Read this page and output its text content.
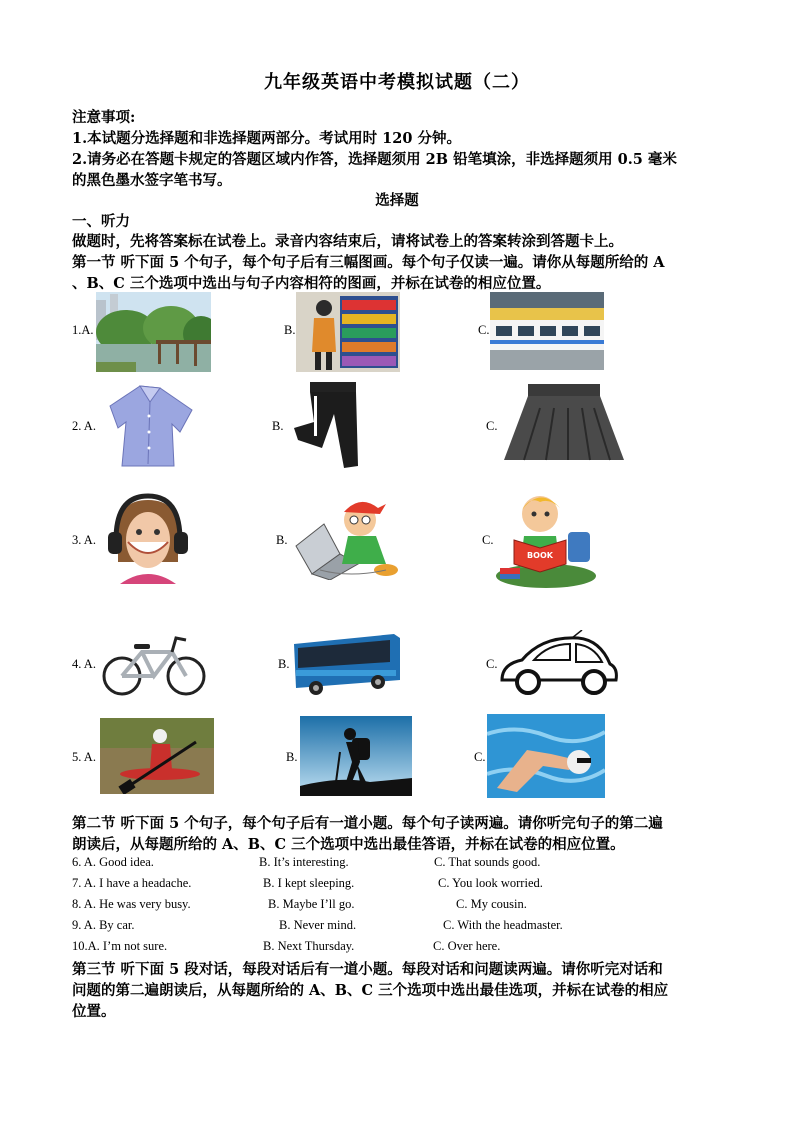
九年级英语中考模拟试题（二）
注意事项:
1.本试题分选择题和非选择题两部分。考试用时 120 分钟。
2.请务必在答题卡规定的答题区域内作答，选择题须用 2B 铅笔填涂，非选择题须用 0.5 毫米
的黑色墨水签字笔书写。
选择题
一、听力
做题时，先将答案标在试卷上。录音内容结束后，请将试卷上的答案转涂到答题卡上。
第一节 听下面 5 个句子，每个句子后有三幅图画。每个句子仅读一遍。请你从每题所给的 A
、B、C 三个选项中选出与句子内容相符的图画，并标在试卷的相应位置。
1.A.	B.	C.
2. A.	B.	C.
3. A.	B.	C.
BOOK
4. A.	B.	C.
5. A.	B.	C.
第二节 听下面 5 个句子，每个句子后有一道小题。每个句子读两遍。请你听完句子的第二遍
朗读后，从每题所给的 A、B、C 三个选项中选出最佳答语，并标在试卷的相应位置。
6. A. Good idea.	B. It’s interesting.	C. That sounds good.
7. A. I have a headache.	B. I kept sleeping.	C. You look worried.
8. A. He was very busy.	B. Maybe I’ll go.	C. My cousin.
9. A. By car.	B. Never mind.	C. With the headmaster.
10.A. I’m not sure.	B. Next Thursday.	C. Over here.
第三节 听下面 5 段对话，每段对话后有一道小题。每段对话和问题读两遍。请你听完对话和
问题的第二遍朗读后，从每题所给的 A、B、C 三个选项中选出最佳选项，并标在试卷的相应
位置。
